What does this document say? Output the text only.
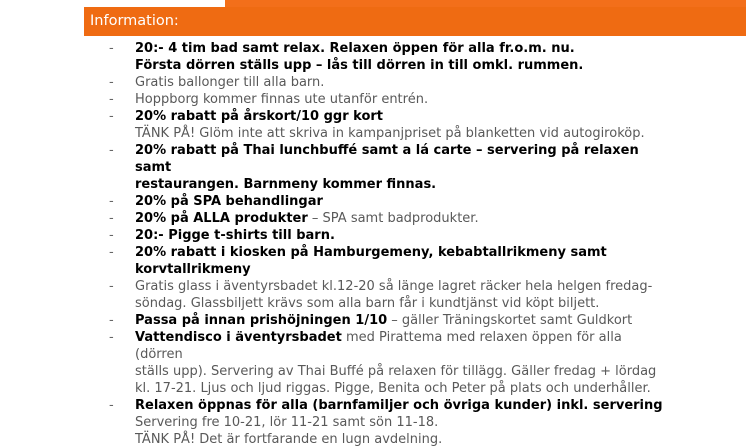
Information:
- 20:- 4 tim bad samt relax. Relaxen öppen för alla fr.o.m. nu.
Första dörren ställs upp – lås till dörren in till omkl. rummen.
- Gratis ballonger till alla barn.
- Hoppborg kommer finnas ute utanför entrén.
- 20% rabatt på årskort/10 ggr kort
TÄNK PÅ! Glöm inte att skriva in kampanjpriset på blanketten vid autogiroköp.
- 20% rabatt på Thai lunchbuffé samt a lá carte – servering på relaxen samt
restaurangen. Barnmeny kommer finnas.
- 20% på SPA behandlingar
- 20% på ALLA produkter – SPA samt badprodukter.
- 20:- Pigge t-shirts till barn.
- 20% rabatt i kiosken på Hamburgemeny, kebabtallrikmeny samt
korvtallrikmeny
- Gratis glass i äventyrsbadet kl.12-20 så länge lagret räcker hela helgen fredag-
söndag. Glassbiljett krävs som alla barn får i kundtjänst vid köpt biljett.
- Passa på innan prishöjningen 1/10 – gäller Träningskortet samt Guldkort
- Vattendisco i äventyrsbadet med Pirattema med relaxen öppen för alla (dörren
ställs upp). Servering av Thai Buffé på relaxen för tillägg. Gäller fredag + lördag
kl. 17-21. Ljus och ljud riggas. Pigge, Benita och Peter på plats och underhåller.
- Relaxen öppnas för alla (barnfamiljer och övriga kunder) inkl. servering
Servering fre 10-21, lör 11-21 samt sön 11-18.
TÄNK PÅ! Det är fortfarande en lugn avdelning.
